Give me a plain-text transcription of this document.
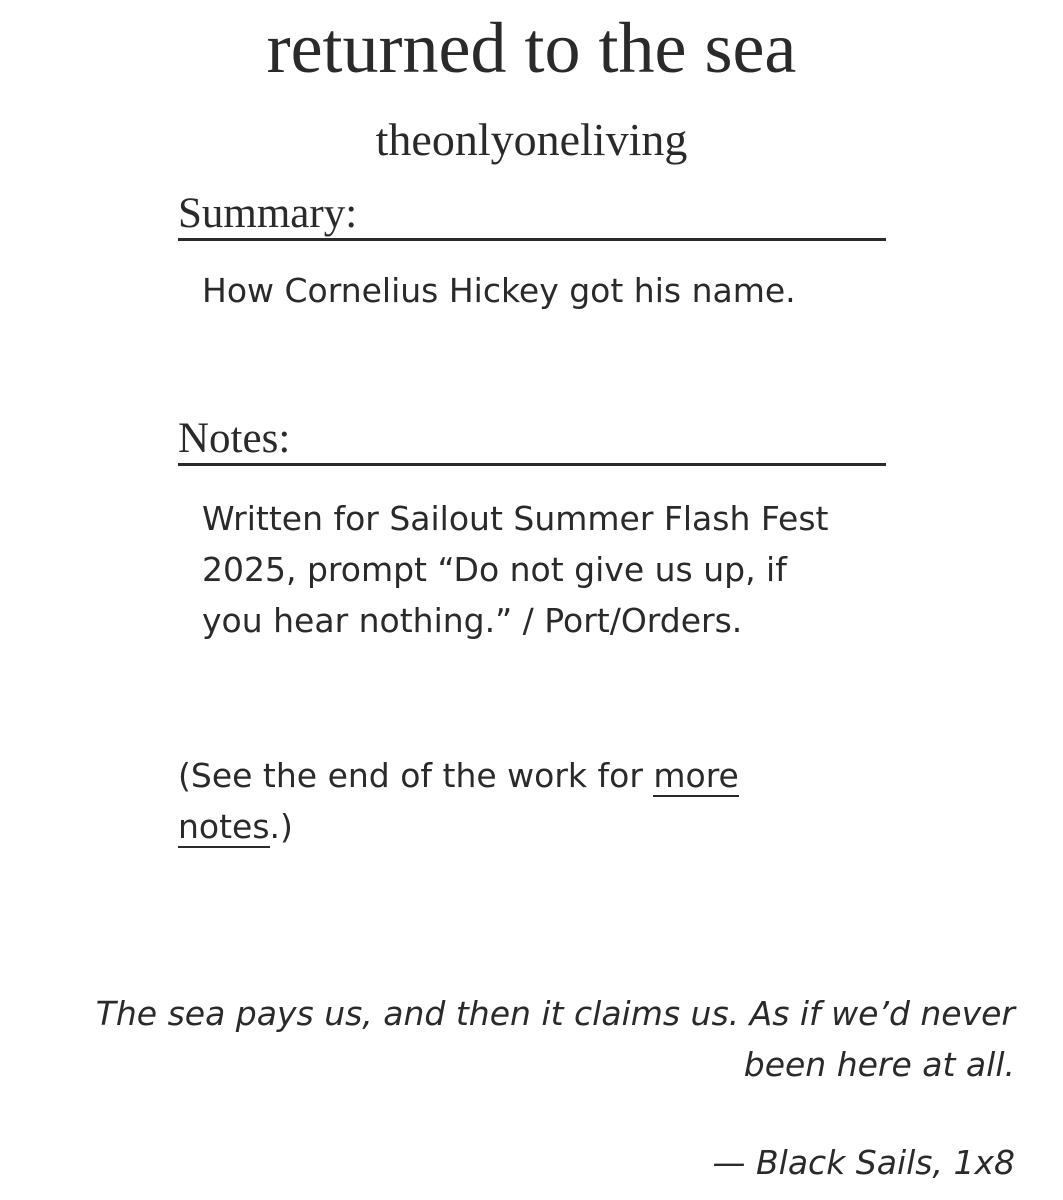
returned to the sea
theonlyoneliving
Summary:
How Cornelius Hickey got his name.
Notes:
Written for Sailout Summer Flash Fest 2025, prompt “Do not give us up, if you hear nothing.” / Port/Orders.
(See the end of the work for more notes.)
The sea pays us, and then it claims us. As if we’d never been here at all.
— Black Sails, 1x8
